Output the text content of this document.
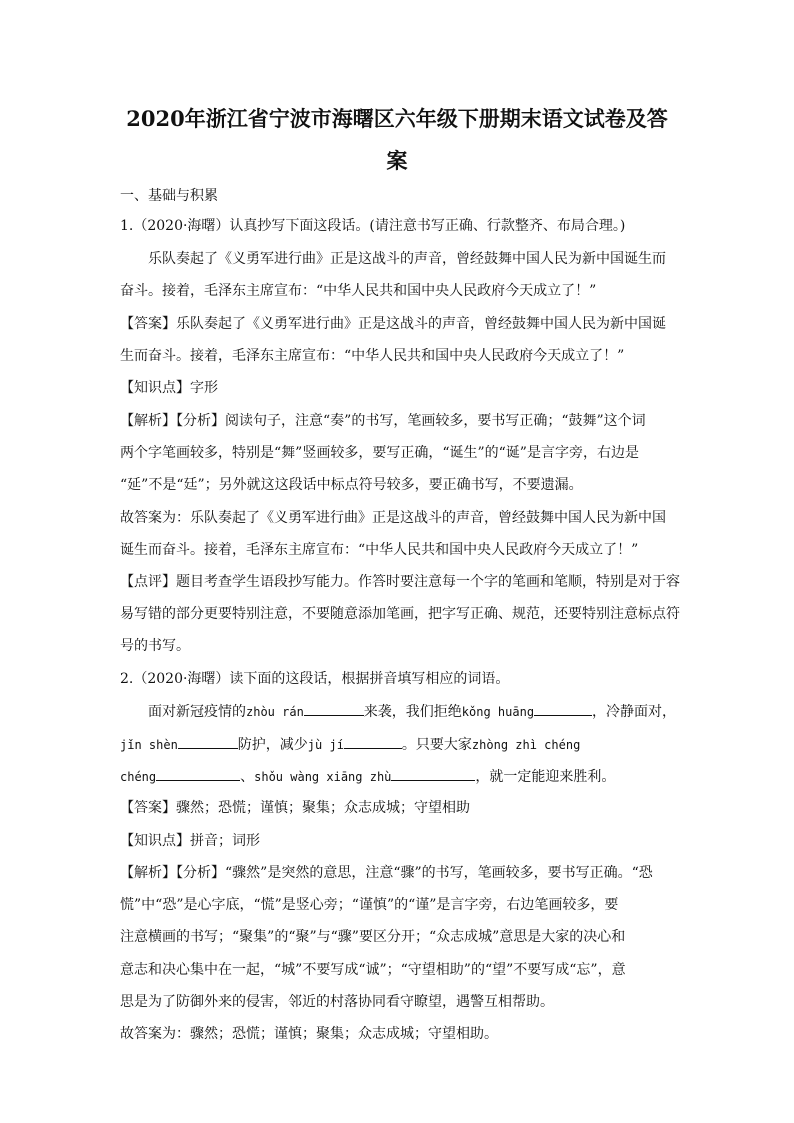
2020年浙江省宁波市海曙区六年级下册期末语文试卷及答
案
一、基础与积累
1.（2020·海曙）认真抄写下面这段话。(请注意书写正确、行款整齐、布局合理。)
乐队奏起了《义勇军进行曲》正是这战斗的声音，曾经鼓舞中国人民为新中国诞生而
奋斗。接着，毛泽东主席宣布：“中华人民共和国中央人民政府今天成立了！”
【答案】乐队奏起了《义勇军进行曲》正是这战斗的声音，曾经鼓舞中国人民为新中国诞
生而奋斗。接着，毛泽东主席宣布：“中华人民共和国中央人民政府今天成立了！”
【知识点】字形
【解析】【分析】阅读句子，注意“奏”的书写，笔画较多，要书写正确；“鼓舞”这个词
两个字笔画较多，特别是“舞”竖画较多，要写正确，“诞生”的“诞”是言字旁，右边是
“延”不是“廷”；另外就这这段话中标点符号较多，要正确书写，不要遗漏。
故答案为：乐队奏起了《义勇军进行曲》正是这战斗的声音，曾经鼓舞中国人民为新中国
诞生而奋斗。接着，毛泽东主席宣布：“中华人民共和国中央人民政府今天成立了！”
【点评】题目考查学生语段抄写能力。作答时要注意每一个字的笔画和笔顺，特别是对于容
易写错的部分更要特别注意，不要随意添加笔画，把字写正确、规范，还要特别注意标点符
号的书写。
2.（2020·海曙）读下面的这段话，根据拼音填写相应的词语。
面对新冠疫情的zhòu rán	来袭，我们拒绝kǒng huāng	，冷静面对，
jǐn shèn	防护，减少jù jí	。只要大家zhòng zhì chéng
chéng	、shǒu wàng xiāng zhù	，就一定能迎来胜利。
【答案】骤然；恐慌；谨慎；聚集；众志成城；守望相助
【知识点】拼音；词形
【解析】【分析】“骤然”是突然的意思，注意“骤”的书写，笔画较多，要书写正确。“恐
慌”中“恐”是心字底，“慌”是竖心旁；“谨慎”的“谨”是言字旁，右边笔画较多，要
注意横画的书写；“聚集”的“聚”与“骤”要区分开；“众志成城”意思是大家的决心和
意志和决心集中在一起，“城”不要写成“诚”；“守望相助”的“望”不要写成“忘”，意
思是为了防御外来的侵害，邻近的村落协同看守瞭望，遇警互相帮助。
故答案为：骤然；恐慌；谨慎；聚集；众志成城；守望相助。
